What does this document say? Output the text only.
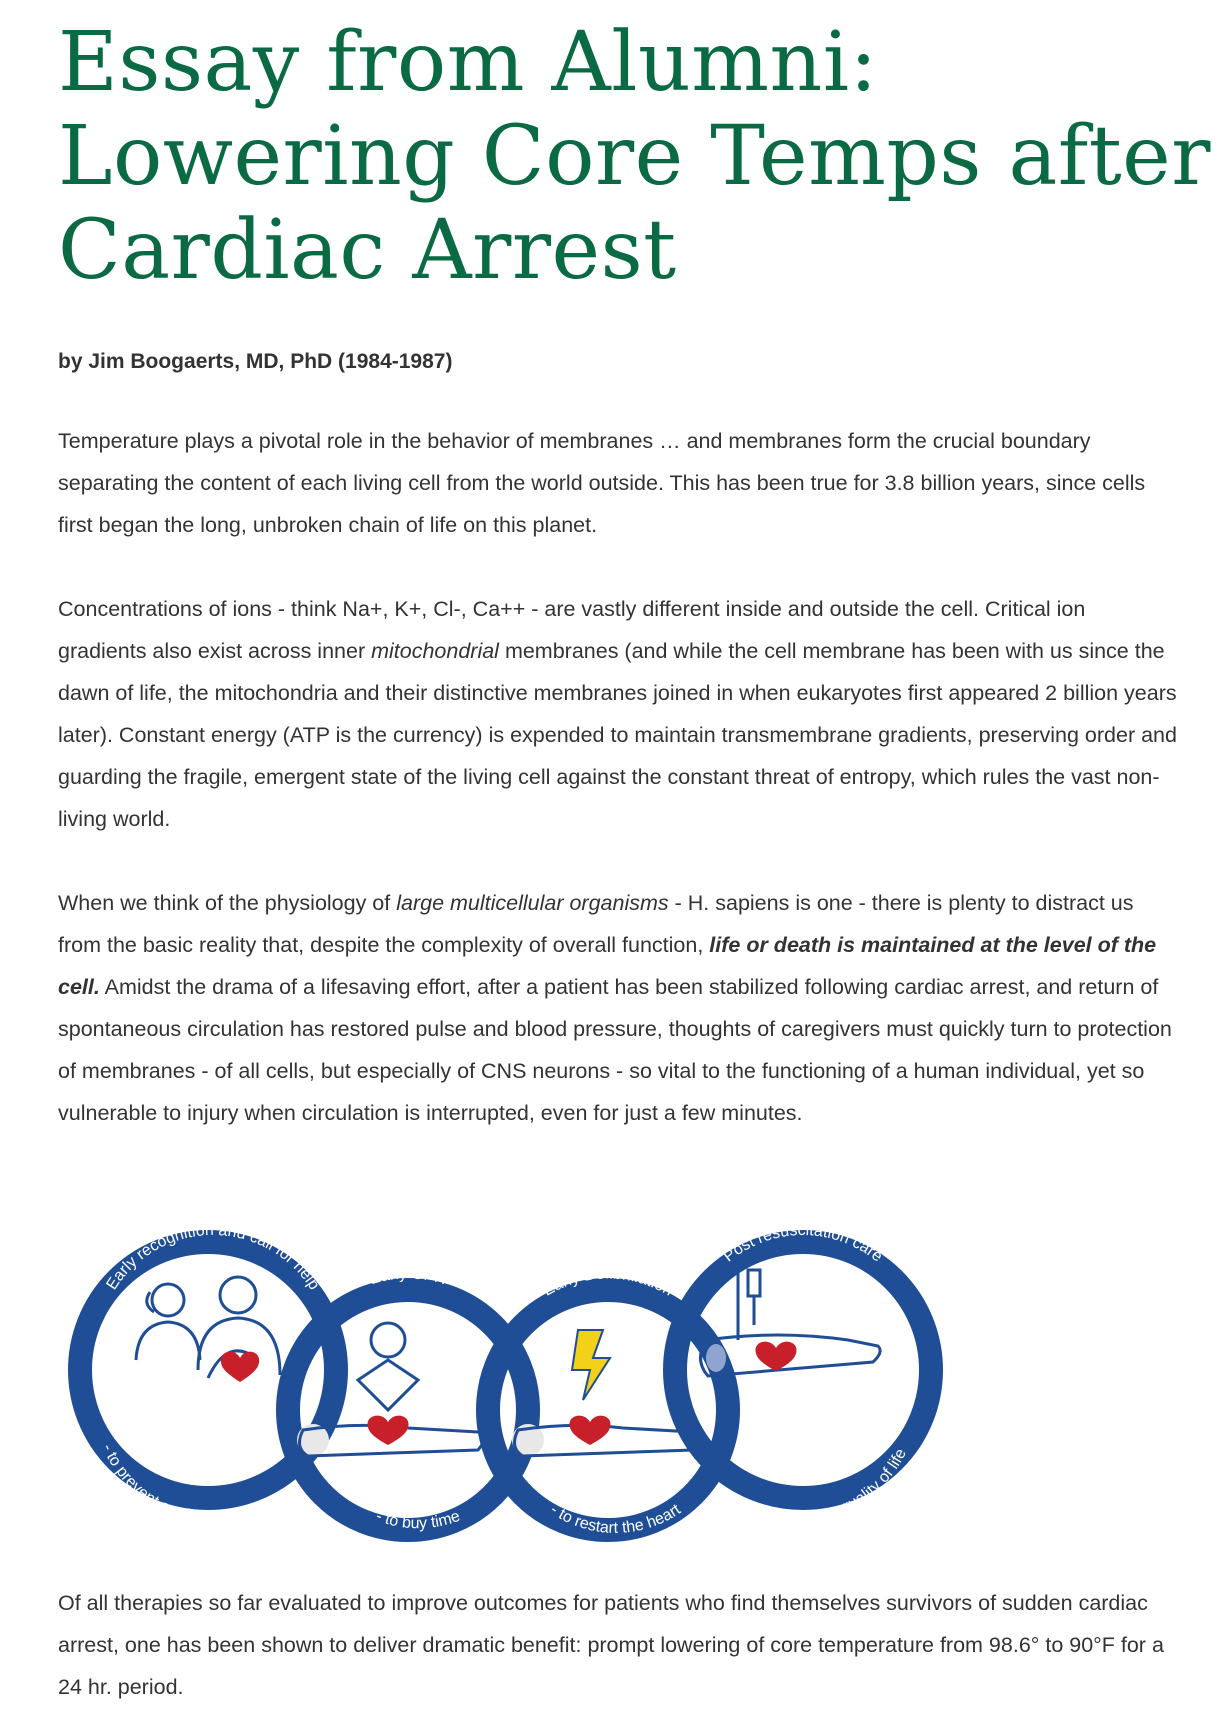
Essay from Alumni:
Lowering Core Temps after
Cardiac Arrest

by Jim Boogaerts, MD, PhD (1984-1987)

Temperature plays a pivotal role in the behavior of membranes … and membranes form the crucial boundary separating the content of each living cell from the world outside. This has been true for 3.8 billion years, since cells first began the long, unbroken chain of life on this planet.

Concentrations of ions - think Na+, K+, Cl-, Ca++ - are vastly different inside and outside the cell. Critical ion gradients also exist across inner mitochondrial membranes (and while the cell membrane has been with us since the dawn of life, the mitochondria and their distinctive membranes joined in when eukaryotes first appeared 2 billion years later). Constant energy (ATP is the currency) is expended to maintain transmembrane gradients, preserving order and guarding the fragile, emergent state of the living cell against the constant threat of entropy, which rules the vast non-living world.

When we think of the physiology of large multicellular organisms - H. sapiens is one - there is plenty to distract us from the basic reality that, despite the complexity of overall function, life or death is maintained at the level of the cell. Amidst the drama of a lifesaving effort, after a patient has been stabilized following cardiac arrest, and return of spontaneous circulation has restored pulse and blood pressure, thoughts of caregivers must quickly turn to protection of membranes - of all cells, but especially of CNS neurons - so vital to the functioning of a human individual, yet so vulnerable to injury when circulation is interrupted, even for just a few minutes.

Early recognition and call for help
- to prevent cardiac arrest
Early CPR
- to buy time
Early Defibrillation
- to restart the heart
Post resuscitation care
- to restore quality of life

Of all therapies so far evaluated to improve outcomes for patients who find themselves survivors of sudden cardiac arrest, one has been shown to deliver dramatic benefit: prompt lowering of core temperature from 98.6° to 90°F for a 24 hr. period.
